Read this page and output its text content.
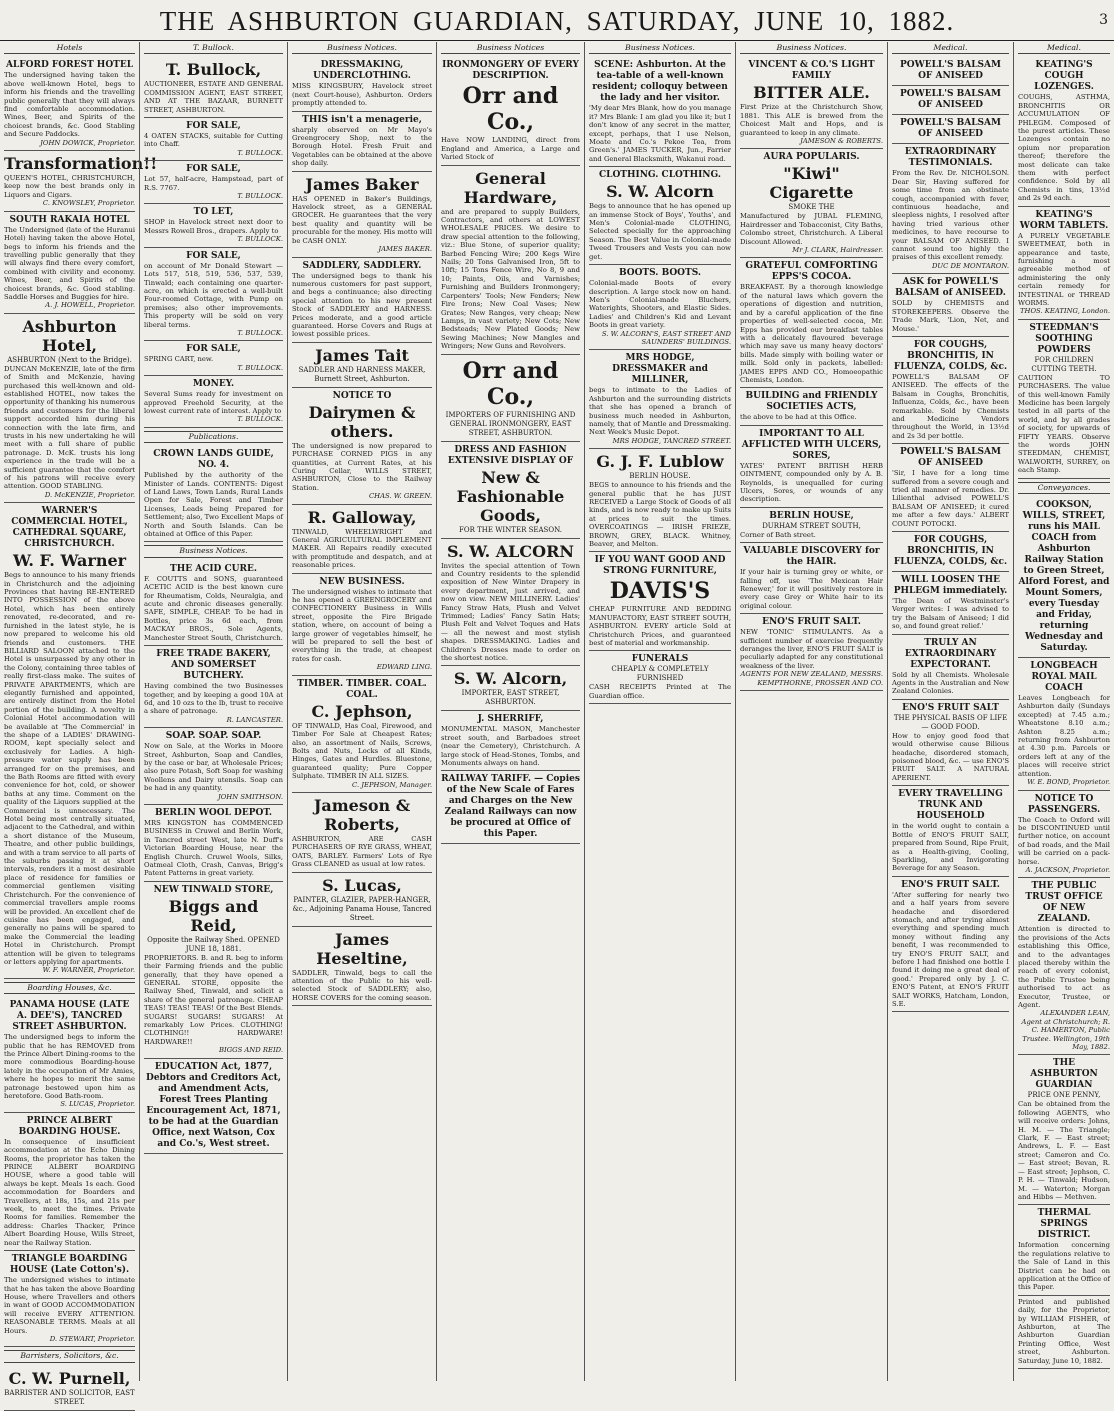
THE ASHBURTON GUARDIAN, SATURDAY, JUNE 10, 1882.	3
Hotels
ALFORD FOREST HOTEL
The undersigned having taken the above well-known Hotel, begs to inform his friends and the travelling public generally that they will always find comfortable accommodation. Wines, Beer, and Spirits of the choicest brands, &c. Good Stabling and Secure Paddocks.
JOHN DOWICK, Proprietor.
Transformation!!
QUEEN'S HOTEL, CHRISTCHURCH, keep now the best brands only in Liquors and Cigars.
C. KNOWSLEY, Proprietor.
SOUTH RAKAIA HOTEL
The Undersigned (late of the Huranui Hotel) having taken the above Hotel, begs to inform his friends and the travelling public generally that they will always find there every comfort, combined with civility and economy. Wines, Beer, and Spirits of the choicest brands, &c. Good stabling. Saddle Horses and Buggies for hire.
A. J. HOWELL, Proprietor.
Ashburton Hotel,
ASHBURTON (Next to the Bridge).
DUNCAN McKENZIE, late of the firm of Smith and McKenzie, having purchased this well-known and old-established HOTEL, now takes the opportunity of thanking his numerous friends and customers for the liberal support accorded him during his connection with the late firm, and trusts in his new undertaking he will meet with a full share of public patronage. D. McK. trusts his long experience in the trade will be a sufficient guarantee that the comfort of his patrons will receive every attention. GOOD STABLING.
D. McKENZIE, Proprietor.
WARNER'S COMMERCIAL HOTEL, CATHEDRAL SQUARE, CHRISTCHURCH.
W. F. Warner
Begs to announce to his many friends in Christchurch and the adjoining Provinces that having RE-ENTERED INTO POSSESSION of the above Hotel, which has been entirely renovated, re-decorated, and re-furnished in the latest style, he is now prepared to welcome his old friends and customers. THE BILLIARD SALOON attached to the Hotel is unsurpassed by any other in the Colony, containing three tables of really first-class make. The suites of PRIVATE APARTMENTS, which are elegantly furnished and appointed, are entirely distinct from the Hotel portion of the building. A novelty in Colonial Hotel accommodation will be available at 'The Commercial' in the shape of a LADIES' DRAWING-ROOM, kept specially select and exclusively for Ladies. A high-pressure water supply has been arranged for on the premises, and the Bath Rooms are fitted with every convenience for hot, cold, or shower baths at any time. Comment on the quality of the Liquors supplied at the Commercial is unnecessary. The Hotel being most centrally situated, adjacent to the Cathedral, and within a short distance of the Museum, Theatre, and other public buildings, and with a tram service to all parts of the suburbs passing it at short intervals, renders it a most desirable place of residence for families or commercial gentlemen visiting Christchurch. For the convenience of commercial travellers ample rooms will be provided. An excellent chef de cuisine has been engaged, and generally no pains will be spared to make the Commercial the leading Hotel in Christchurch. Prompt attention will be given to telegrams or letters applying for apartments.
W. F. WARNER, Proprietor.
Boarding Houses, &c.
PANAMA HOUSE (LATE A. DEE'S), TANCRED STREET ASHBURTON.
The undersigned begs to inform the public that he has REMOVED from the Prince Albert Dining-rooms to the more commodious Boarding-house lately in the occupation of Mr Amies, where he hopes to merit the same patronage bestowed upon him as heretofore. Good Bath-room.
S. LUCAS, Proprietor.
PRINCE ALBERT BOARDING HOUSE.
In consequence of insufficient accommodation at the Echo Dining Rooms, the proprietor has taken the PRINCE ALBERT BOARDING HOUSE, where a good table will always be kept. Meals 1s each. Good accommodation for Boarders and Travellers, at 18s, 15s, and 21s per week, to meet the times. Private Rooms for families. Remember the address: Charles Thacker, Prince Albert Boarding House, Wills Street, near the Railway Station.
TRIANGLE BOARDING HOUSE (Late Cotton's).
The undersigned wishes to intimate that he has taken the above Boarding House, where Travellers and others in want of GOOD ACCOMMODATION will receive EVERY ATTENTION. REASONABLE TERMS. Meals at all Hours.
D. STEWART, Proprietor.
Barristers, Solicitors, &c.
C. W. Purnell,
BARRISTER AND SOLICITOR, EAST STREET.
T. Bullock.
T. Bullock,
AUCTIONEER, ESTATE AND GENERAL COMMISSION AGENT, EAST STREET, AND AT THE BAZAAR, BURNETT STREET, ASHBURTON.
FOR SALE,
4 OATEN STACKS, suitable for Cutting into Chaff.
T. BULLOCK.
FOR SALE,
Lot 57, half-acre, Hampstead, part of R.S. 7767.
T. BULLOCK.
TO LET,
SHOP in Havelock street next door to Messrs Rowell Bros., drapers. Apply to
T. BULLOCK.
FOR SALE,
on account of Mr Donald Stewart — Lots 517, 518, 519, 536, 537, 539, Tinwald; each containing one quarter-acre, on which is erected a well-built Four-roomed Cottage, with Pump on premises; also other improvements. This property will be sold on very liberal terms.
T. BULLOCK.
FOR SALE,
SPRING CART, new.
T. BULLOCK.
MONEY.
Several Sums ready for investment on approved Freehold Security, at the lowest current rate of interest. Apply to
T. BULLOCK.
Publications.
CROWN LANDS GUIDE, NO. 4.
Published by the authority of the Minister of Lands. CONTENTS: Digest of Land Laws, Town Lands, Rural Lands Open for Sale, Forest and Timber Licenses, Leads being Prepared for Settlement; also, Two Excellent Maps of North and South Islands. Can be obtained at Office of this Paper.
Business Notices.
THE ACID CURE.
F. COUTTS and SONS, guaranteed ACETIC ACID is the best known cure for Rheumatism, Colds, Neuralgia, and acute and chronic diseases generally. SAFE, SIMPLE, CHEAP. To be had in Bottles, price 3s 6d each, from MACKAY BROS., Sole Agents, Manchester Street South, Christchurch.
FREE TRADE BAKERY, AND SOMERSET BUTCHERY.
Having combined the two Businesses together, and by keeping a good 10A at 6d, and 10 ozs to the lb, trust to receive a share of patronage.
R. LANCASTER.
SOAP. SOAP. SOAP.
Now on Sale, at the Works in Moore Street, Ashburton, Soap and Candles, by the case or bar, at Wholesale Prices; also pure Potash, Soft Soap for washing Woollens and Dairy utensils. Soap can be had in any quantity.
JOHN SMITHSON.
BERLIN WOOL DEPOT.
MRS KINGSTON has COMMENCED BUSINESS in Cruwel and Berlin Work, in Tancred street West, late N. Duff's Victorian Boarding House, near the English Church. Cruwel Wools, Silks, Oatmeal Cloth, Crash, Canvas, Brigg's Patent Patterns in great variety.
NEW TINWALD STORE,
Biggs and Reid,
Opposite the Railway Shed. OPENED JUNE 18, 1881.
PROPRIETORS. B. and R. beg to inform their Farming friends and the public generally, that they have opened a GENERAL STORE, opposite the Railway Shed, Tinwald, and solicit a share of the general patronage. CHEAP TEAS! TEAS! TEAS! Of the Best Blends. SUGARS! SUGARS! SUGARS! At remarkably Low Prices. CLOTHING! CLOTHING!! HARDWARE! HARDWARE!!
BIGGS AND REID.
EDUCATION Act, 1877, Debtors and Creditors Act, and Amendment Acts, Forest Trees Planting Encouragement Act, 1871, to be had at the Guardian Office, next Watson, Cox and Co.'s, West street.
Business Notices.
DRESSMAKING, UNDERCLOTHING.
MISS KINGSBURY, Havelock street (next Court-house), Ashburton. Orders promptly attended to.
THIS isn't a menagerie,
sharply observed on Mr Mayo's Greengrocery Shop, next to the Borough Hotel. Fresh Fruit and Vegetables can be obtained at the above shop daily.
James Baker
HAS OPENED in Baker's Buildings, Havelock street, as a GENERAL GROCER. He guarantees that the very best quality and quantity will be procurable for the money. His motto will be CASH ONLY.
JAMES BAKER.
SADDLERY, SADDLERY.
The undersigned begs to thank his numerous customers for past support, and begs a continuance; also directing special attention to his new present Stock of SADDLERY and HARNESS. Prices moderate, and a good article guaranteed. Horse Covers and Rugs at lowest possible prices.
James Tait
SADDLER AND HARNESS MAKER, Burnett Street, Ashburton.
NOTICE TO
Dairymen & others.
The undersigned is now prepared to PURCHASE CORNED PIGS in any quantities, at Current Rates, at his Curing Cellar, WILLS STREET, ASHBURTON, Close to the Railway Station.
CHAS. W. GREEN.
R. Galloway,
TINWALD, WHEELWRIGHT and General AGRICULTURAL IMPLEMENT MAKER. All Repairs readily executed with promptitude and despatch, and at reasonable prices.
NEW BUSINESS.
The undersigned wishes to intimate that he has opened a GREENGROCERY and CONFECTIONERY Business in Wills street, opposite the Fire Brigade station, where, on account of being a large grower of vegetables himself, he will be prepared to sell the best of everything in the trade, at cheapest rates for cash.
EDWARD LING.
TIMBER. TIMBER. COAL. COAL.
C. Jephson,
OF TINWALD, Has Coal, Firewood, and Timber For Sale at Cheapest Rates; also, an assortment of Nails, Screws, Bolts and Nuts, Locks of all Kinds, Hinges, Gates and Hurdles. Bluestone, guaranteed quality; Pure Copper Sulphate. TIMBER IN ALL SIZES.
C. JEPHSON, Manager.
Jameson & Roberts,
ASHBURTON, ARE CASH PURCHASERS OF RYE GRASS, WHEAT, OATS, BARLEY. Farmers' Lots of Rye Grass CLEANED as usual at low rates.
S. Lucas,
PAINTER, GLAZIER, PAPER-HANGER, &c., Adjoining Panama House, Tancred Street.
James Heseltine,
SADDLER, Tinwald, begs to call the attention of the Public to his well-selected Stock of SADDLERY; also, HORSE COVERS for the coming season.
Business Notices
IRONMONGERY OF EVERY DESCRIPTION.
Orr and Co.,
Have NOW LANDING, direct from England and America, a Large and Varied Stock of
General Hardware,
and are prepared to supply Builders, Contractors, and others at LOWEST WHOLESALE PRICES. We desire to draw special attention to the following, viz.: Blue Stone, of superior quality; Barbed Fencing Wire; 200 Kegs Wire Nails; 20 Tons Galvanised Iron, 5ft to 10ft; 15 Tons Fence Wire, No 8, 9 and 10; Paints, Oils, and Varnishes; Furnishing and Builders Ironmongery; Carpenters' Tools; New Fenders; New Fire Irons; New Coal Vases; New Grates; New Ranges, very cheap; New Lamps, in vast variety; New Cots; New Bedsteads; New Plated Goods; New Sewing Machines; New Mangles and Wringers; New Guns and Revolvers.
Orr and Co.,
IMPORTERS OF FURNISHING AND GENERAL IRONMONGERY, EAST STREET, ASHBURTON.
DRESS AND FASHION EXTENSIVE DISPLAY OF
New & Fashionable Goods,
FOR THE WINTER SEASON.
S. W. ALCORN
Invites the special attention of Town and Country residents to the splendid exposition of New Winter Drapery in every department, just arrived, and now on view. NEW MILLINERY. Ladies' Fancy Straw Hats, Plush and Velvet Trimmed; Ladies' Fancy Satin Hats; Plush Felt and Velvet Toques and Hats — all the newest and most stylish shapes. DRESSMAKING. Ladies and Children's Dresses made to order on the shortest notice.
S. W. Alcorn,
IMPORTER, EAST STREET, ASHBURTON.
J. SHERRIFF,
MONUMENTAL MASON, Manchester street south, and Barbadoes street (near the Cemetery), Christchurch. A large stock of Head-Stones, Tombs, and Monuments always on hand.
RAILWAY TARIFF. — Copies of the New Scale of Fares and Charges on the New Zealand Railways can now be procured at Office of this Paper.
Business Notices.
SCENE: Ashburton. At the tea-table of a well-known resident; colloquy between the lady and her visitor.
'My dear Mrs Blank, how do you manage it? Mrs Blank: I am glad you like it; but I don't know of any secret in the matter, except, perhaps, that I use Nelson, Moate and Co.'s Pekoe Tea, from Green's.' JAMES TUCKER, Jun., Farrier and General Blacksmith, Wakanui road.
CLOTHING. CLOTHING.
S. W. Alcorn
Begs to announce that he has opened up an immense Stock of Boys', Youths', and Men's Colonial-made CLOTHING, Selected specially for the approaching Season. The Best Value in Colonial-made Tweed Trousers and Vests you can now get.
BOOTS. BOOTS.
Colonial-made Boots of every description. A large stock now on hand. Men's Colonial-made Bluchers, Waterights, Shooters, and Elastic Sides. Ladies' and Children's Kid and Levant Boots in great variety.
S. W. ALCORN'S, EAST STREET AND SAUNDERS' BUILDINGS.
MRS HODGE, DRESSMAKER and MILLINER,
begs to intimate to the Ladies of Ashburton and the surrounding districts that she has opened a branch of business much needed in Ashburton, namely, that of Mantle and Dressmaking. Next Week's Music Depot.
MRS HODGE, TANCRED STREET.
G. J. F. Lublow
BERLIN HOUSE.
BEGS to announce to his friends and the general public that he has JUST RECEIVED a Large Stock of Goods of all kinds, and is now ready to make up Suits at prices to suit the times. OVERCOATINGS — IRISH FRIEZE, BROWN, GREY, BLACK. Whitney, Beaver, and Melton.
IF YOU WANT GOOD AND STRONG FURNITURE,
DAVIS'S
CHEAP FURNITURE AND BEDDING MANUFACTORY, EAST STREET SOUTH, ASHBURTON. EVERY article Sold at Christchurch Prices, and guaranteed best of material and workmanship.
FUNERALS
CHEAPLY & COMPLETELY FURNISHED
CASH RECEIPTS Printed at The Guardian office.
Business Notices.
VINCENT & CO.'S LIGHT FAMILY
BITTER ALE.
First Prize at the Christchurch Show, 1881. This ALE is brewed from the Choicest Malt and Hops, and is guaranteed to keep in any climate.
JAMESON & ROBERTS.
AURA POPULARIS.
"Kiwi" Cigarette
SMOKE THE
Manufactured by JUBAL FLEMING, Hairdresser and Tobacconist, City Baths, Colombo street, Christchurch. A Liberal Discount Allowed.
Mr J. CLARK, Hairdresser.
GRATEFUL COMFORTING EPPS'S COCOA.
BREAKFAST. By a thorough knowledge of the natural laws which govern the operations of digestion and nutrition, and by a careful application of the fine properties of well-selected cocoa, Mr. Epps has provided our breakfast tables with a delicately flavoured beverage which may save us many heavy doctors' bills. Made simply with boiling water or milk. Sold only in packets, labelled: JAMES EPPS AND CO., Homoeopathic Chemists, London.
BUILDING and FRIENDLY SOCIETIES ACTS,
the above to be had at this Office.
IMPORTANT TO ALL AFFLICTED WITH ULCERS, SORES,
YATES' PATENT BRITISH HERB OINTMENT, compounded only by A. B. Reynolds, is unequalled for curing Ulcers, Sores, or wounds of any description.
BERLIN HOUSE,
DURHAM STREET SOUTH,
Corner of Bath street.
VALUABLE DISCOVERY for the HAIR.
If your hair is turning grey or white, or falling off, use 'The Mexican Hair Renewer,' for it will positively restore in every case Grey or White hair to its original colour.
ENO'S FRUIT SALT.
NEW 'TONIC' STIMULANTS. As a sufficient number of exercise frequently deranges the liver, ENO'S FRUIT SALT is peculiarly adapted for any constitutional weakness of the liver.
AGENTS FOR NEW ZEALAND, MESSRS. KEMPTHORNE, PROSSER AND CO.
Medical.
POWELL'S BALSAM OF ANISEED
POWELL'S BALSAM OF ANISEED
POWELL'S BALSAM OF ANISEED
EXTRAORDINARY TESTIMONIALS.
From the Rev. Dr. NICHOLSON. Dear Sir, Having suffered for some time from an obstinate cough, accompanied with fever, continuous headache, and sleepless nights, I resolved after having tried various other medicines, to have recourse to your BALSAM OF ANISEED. I cannot sound too highly the praises of this excellent remedy.
DUC DE MONTARON.
ASK for POWELL'S BALSAM of ANISEED.
SOLD by CHEMISTS and STOREKEEPERS. Observe the Trade Mark, 'Lion, Net, and Mouse.'
FOR COUGHS, BRONCHITIS, IN FLUENZA, COLDS, &c.
POWELL'S BALSAM OF ANISEED. The effects of the Balsam in Coughs, Bronchitis, Influenza, Colds, &c., have been remarkable. Sold by Chemists and Medicine Vendors throughout the World, in 13½d and 2s 3d per bottle.
POWELL'S BALSAM OF ANISEED
'Sir, I have for a long time suffered from a severe cough and tried all manner of remedies. Dr. Lilienthal advised POWELL'S BALSAM OF ANISEED; it cured me after a few days.' ALBERT COUNT POTOCKI.
FOR COUGHS, BRONCHITIS, IN FLUENZA, COLDS, &c.
WILL LOOSEN THE PHLEGM immediately.
'The Dean of Westminster's Verger writes: I was advised to try the Balsam of Aniseed; I did so, and found great relief.'
TRULY AN EXTRAORDINARY EXPECTORANT.
Sold by all Chemists. Wholesale Agents in the Australian and New Zealand Colonies.
ENO'S FRUIT SALT
THE PHYSICAL BASIS OF LIFE — GOOD FOOD.
How to enjoy good food that would otherwise cause Bilious headache, disordered stomach, poisoned blood, &c. — use ENO'S FRUIT SALT. A NATURAL APERIENT.
EVERY TRAVELLING TRUNK AND HOUSEHOLD
in the world ought to contain a Bottle of ENO'S FRUIT SALT, prepared from Sound, Ripe Fruit, as a Health-giving, Cooling, Sparkling, and Invigorating Beverage for any Season.
ENO'S FRUIT SALT.
'After suffering for nearly two and a half years from severe headache and disordered stomach, and after trying almost everything and spending much money without finding any benefit, I was recommended to try ENO'S FRUIT SALT, and before I had finished one bottle I found it doing me a great deal of good.' Prepared only by J. C. ENO'S Patent, at ENO'S FRUIT SALT WORKS, Hatcham, London, S.E.
Medical.
KEATING'S COUGH LOZENGES.
COUGHS, ASTHMA, BRONCHITIS OR ACCUMULATION OF PHLEGM. Composed of the purest articles. These Lozenges contain no opium nor preparation thereof; therefore the most delicate can take them with perfect confidence. Sold by all Chemists in tins, 13½d and 2s 9d each.
KEATING'S WORM TABLETS.
A PURELY VEGETABLE SWEETMEAT, both in appearance and taste, furnishing a most agreeable method of administering the only certain remedy for INTESTINAL or THREAD WORMS.
THOS. KEATING, London.
STEEDMAN'S SOOTHING POWDERS
FOR CHILDREN CUTTING TEETH.
CAUTION TO PURCHASERS. The value of this well-known Family Medicine has been largely tested in all parts of the world, and by all grades of society, for upwards of FIFTY YEARS. Observe the words JOHN STEEDMAN, CHEMIST, WALWORTH, SURREY, on each Stamp.
Conveyances.
COOKSON, WILLS, STREET, runs his MAIL COACH from Ashburton Railway Station to Green Street, Alford Forest, and Mount Somers, every Tuesday and Friday, returning Wednesday and Saturday.
LONGBEACH ROYAL MAIL COACH
Leaves Longbeach for Ashburton daily (Sundays excepted) at 7.45 a.m.; Wheatstone 8.10 a.m.; Ashton 8.25 a.m.; returning from Ashburton at 4.30 p.m. Parcels or orders left at any of the places will receive strict attention.
W. E. BOND, Proprietor.
NOTICE TO PASSENGERS.
The Coach to Oxford will be DISCONTINUED until further notice, on account of bad roads, and the Mail will be carried on a pack-horse.
A. JACKSON, Proprietor.
THE PUBLIC TRUST OFFICE OF NEW ZEALAND.
Attention is directed to the provisions of the Acts establishing this Office, and to the advantages placed thereby within the reach of every colonist, the Public Trustee being authorised to act as Executor, Trustee, or Agent.
ALEXANDER LEAN, Agent at Christchurch; R. C. HAMERTON, Public Trustee. Wellington, 19th May, 1882.
THE ASHBURTON GUARDIAN
PRICE ONE PENNY,
Can be obtained from the following AGENTS, who will receive orders: Johns, H. M. — The Triangle; Clark, F. — East street; Andrews, L. F. — East street; Cameron and Co. — East street; Bevan, R. — East street; Jephson, C. P. H. — Tinwald; Hudson, M. — Waterton; Morgan and Hibbs — Methven.
THERMAL SPRINGS DISTRICT.
Information concerning the regulations relative to the Sale of Land in this District can be had on application at the Office of this Paper.
Printed and published daily, for the Proprietor, by WILLIAM FISHER, of Ashburton, at The Ashburton Guardian Printing Office, West street, Ashburton. Saturday, June 10, 1882.
